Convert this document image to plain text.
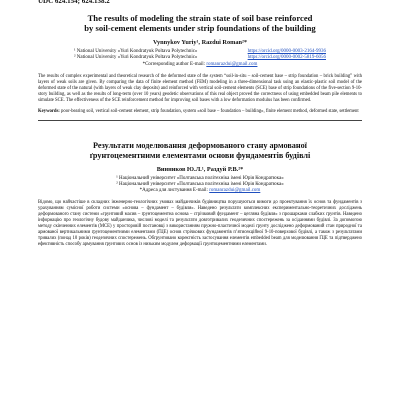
UDC 624.154; 624.138.2
The results of modeling the strain state of soil base reinforced
by soil-cement elements under strip foundations of the building
Vynnykov Yuriy¹, Razdui Roman²*
¹ National University «Yuri Kondratyuk Poltava Polytechnic»	https://orcid.org/0000-0003-2164-9936
² National University «Yuri Kondratyuk Poltava Polytechnic»	https://orcid.org/0000-0002-5819-6056
*Corresponding author E-mail: romanrazdui@gmail.com

The results of complex experimental and theoretical research of the deformed state of the system “soil-in-situ – soil-cement base – strip foundation – brick building” with layers of weak soils are given. By comparing the data of finite element method (FEM) modeling in a three-dimensional task using an elastic-plastic soil model of the deformed state of the natural (with layers of weak clay deposits) and reinforced with vertical soil-cement elements (SCE) base of strip foundations of the five-section 9-10-story building, as well as the results of long-term (over 10 years) geodetic observations of this real object proved the correctness of using embedded beam pile elements to simulate SCE. The effectiveness of the SCE reinforcement method for improving soil bases with a low deformation modulus has been confirmed.

Keywords: poor-bearing soil, vertical soil-cement element, strip foundation, system «soil base – foundation – building», finite element method, deformed state, settlement

Результати моделювання деформованого стану армованої
ґрунтоцементними елементами основи фундаментів будівлі
Винников Ю.Л.¹, Раздуй Р.В.²*
¹ Національний університет «Полтавська політехніка імені Юрія Кондратюка»
² Національний університет «Полтавська політехніка імені Юрія Кондратюка»
*Адреса для листування E-mail: romanrazdui@gmail.com

Відомо, що найчастіше в складних інженерно-геологічних умовах майданчиків будівництва порушуються вимоги до проектування їх основ та фундаментів з урахуванням сумісної роботи системи «основа – фундамент – будівля». Наведено результати комплексних експериментально-теоретичних досліджень деформованого стану системи «грунтовий масив – ґрунтоцементна основа – стрічковий фундамент – цегляна будівля» з прошарками слабких ґрунтів. Наведено інформацію про геологічну будову майданчика, числові моделі та результати довготривалих геодезичних спостережень за осіданнями будівлі. За допомогою методу скінченних елементів (МСЕ) у просторовій постановці з використанням пружно-пластичної моделі ґрунту досліджено деформований стан природної та армованої вертикальними ґрунтоцементними елементами (ҐЦЕ) основ стрічкових фундаментів п’ятисекційної 9-10-поверхової будівлі, а також з результатами тривалих (понад 10 років) геодезичних спостережень. Обґрунтовано коректність застосування елементів embedded beam для моделювання ҐЦЕ та підтверджено ефективність способу армування ґрунтових основ із низьким модулем деформації ґрунтоцементними елементами.
